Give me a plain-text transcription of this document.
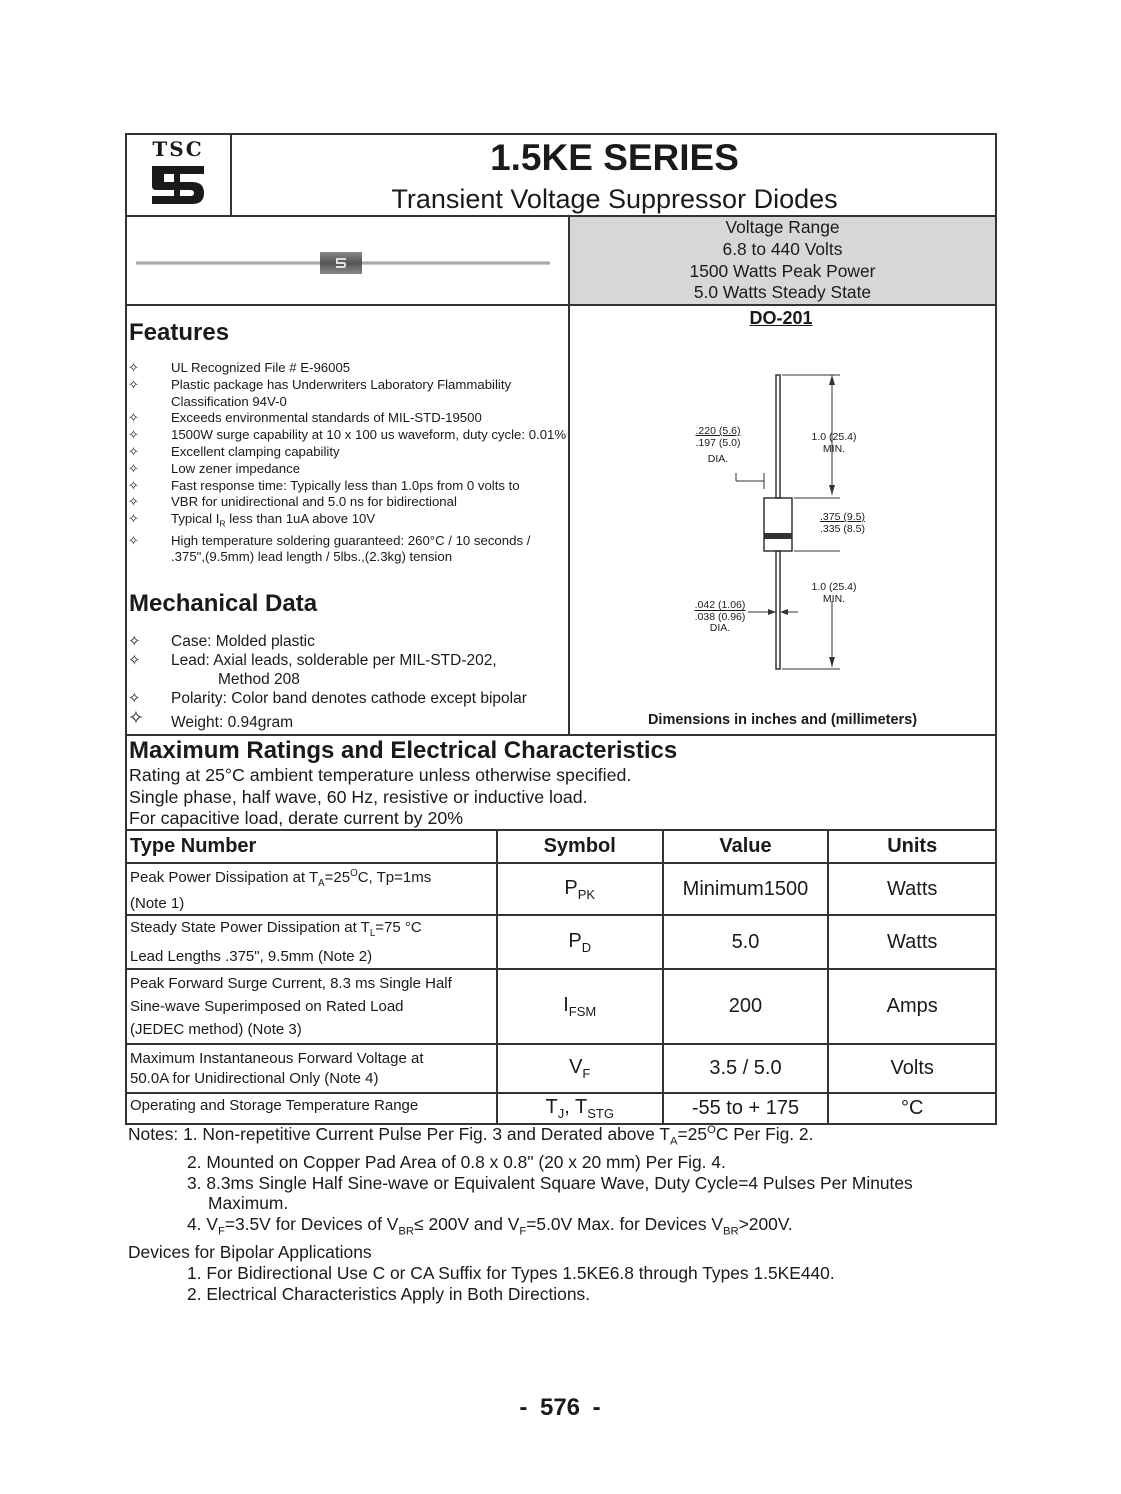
TSC	1.5KE SERIES
Transient Voltage Suppressor Diodes
Voltage Range
6.8 to 440 Volts
1500 Watts Peak Power
5.0 Watts Steady State
Features
✧ UL Recognized File # E-96005
✧ Plastic package has Underwriters Laboratory Flammability Classification 94V-0
✧ Exceeds environmental standards of MIL-STD-19500
✧ 1500W surge capability at 10 x 100 us waveform, duty cycle: 0.01%
✧ Excellent clamping capability
✧ Low zener impedance
✧ Fast response time: Typically less than 1.0ps from 0 volts to
✧ VBR for unidirectional and 5.0 ns for bidirectional
✧ Typical $I_R$ less than 1uA above 10V
✧ High temperature soldering guaranteed: 260°C / 10 seconds / .375",(9.5mm) lead length / 5lbs.,(2.3kg) tension
Mechanical Data
✧ Case: Molded plastic
✧ Lead: Axial leads, solderable per MIL-STD-202,
Method 208
✧ Polarity: Color band denotes cathode except bipolar
✧ Weight: 0.94gram
DO-201
.220 (5.6)
.197 (5.0)
DIA.
1.0 (25.4)
MIN.
.375 (9.5)
.335 (8.5)
1.0 (25.4)
MIN.
.042 (1.06)
.038 (0.96)
DIA.
Dimensions in inches and (millimeters)
Maximum Ratings and Electrical Characteristics
Rating at 25°C ambient temperature unless otherwise specified.
Single phase, half wave, 60 Hz, resistive or inductive load.
For capacitive load, derate current by 20%
Type Number	Symbol	Value	Units

Peak Power Dissipation at $T_A=25^OC$, Tp=1ms
(Note 1)	$P_{PK}$	Minimum1500	Watts

Steady State Power Dissipation at $T_L=75$ °C
Lead Lengths .375", 9.5mm (Note 2)	$P_D$	5.0	Watts

Peak Forward Surge Current, 8.3 ms Single Half
Sine-wave Superimposed on Rated Load
(JEDEC method) (Note 3)	$I_{FSM}$	200	Amps

Maximum Instantaneous Forward Voltage at
50.0A for Unidirectional Only (Note 4)	$V_F$	3.5 / 5.0	Volts

Operating and Storage Temperature Range	$T_J$, $T_{STG}$	-55 to + 175	°C
Notes: 1. Non-repetitive Current Pulse Per Fig. 3 and Derated above $T_A=25^OC$ Per Fig. 2.
2. Mounted on Copper Pad Area of 0.8 x 0.8" (20 x 20 mm) Per Fig. 4.
3. 8.3ms Single Half Sine-wave or Equivalent Square Wave, Duty Cycle=4 Pulses Per Minutes
Maximum.
4. $V_F=3.5V$ for Devices of $V_{BR}\le 200V$ and $V_F=5.0V$ Max. for Devices $V_{BR}>200V$.
Devices for Bipolar Applications
1. For Bidirectional Use C or CA Suffix for Types 1.5KE6.8 through Types 1.5KE440.
2. Electrical Characteristics Apply in Both Directions.
- 576 -
